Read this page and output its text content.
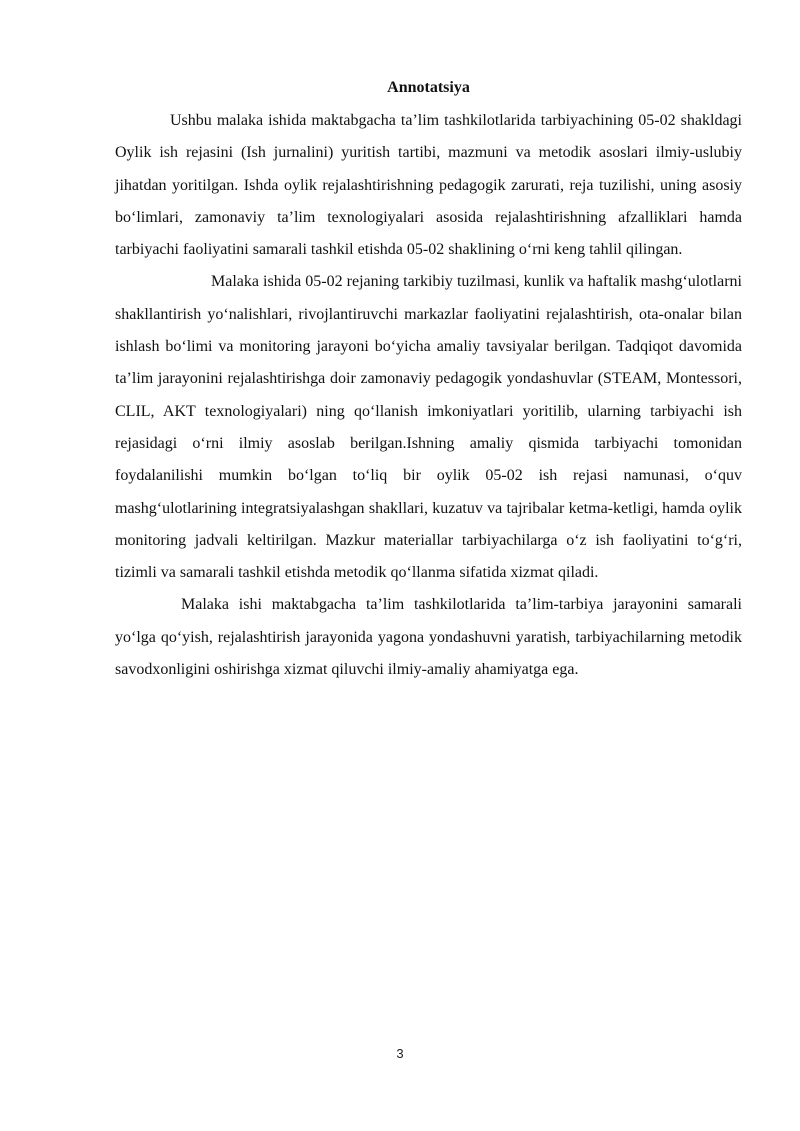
Annotatsiya

Ushbu malaka ishida maktabgacha ta’lim tashkilotlarida tarbiyachining 05-02 shakldagi Oylik ish rejasini (Ish jurnalini) yuritish tartibi, mazmuni va metodik asoslari ilmiy-uslubiy jihatdan yoritilgan. Ishda oylik rejalashtirishning pedagogik zarurati, reja tuzilishi, uning asosiy boʻlimlari, zamonaviy ta’lim texnologiyalari asosida rejalashtirishning afzalliklari hamda tarbiyachi faoliyatini samarali tashkil etishda 05-02 shaklining oʻrni keng tahlil qilingan.

Malaka ishida 05-02 rejaning tarkibiy tuzilmasi, kunlik va haftalik mashgʻulotlarni shakllantirish yoʻnalishlari, rivojlantiruvchi markazlar faoliyatini rejalashtirish, ota-onalar bilan ishlash boʻlimi va monitoring jarayoni boʻyicha amaliy tavsiyalar berilgan. Tadqiqot davomida ta’lim jarayonini rejalashtirishga doir zamonaviy pedagogik yondashuvlar (STEAM, Montessori, CLIL, AKT texnologiyalari) ning qoʻllanish imkoniyatlari yoritilib, ularning tarbiyachi ish rejasidagi oʻrni ilmiy asoslab berilgan.Ishning amaliy qismida tarbiyachi tomonidan foydalanilishi mumkin boʻlgan toʻliq bir oylik 05-02 ish rejasi namunasi, oʻquv mashgʻulotlarining integratsiyalashgan shakllari, kuzatuv va tajribalar ketma-ketligi, hamda oylik monitoring jadvali keltirilgan. Mazkur materiallar tarbiyachilarga oʻz ish faoliyatini toʻgʻri, tizimli va samarali tashkil etishda metodik qoʻllanma sifatida xizmat qiladi.

Malaka ishi maktabgacha ta’lim tashkilotlarida ta’lim-tarbiya jarayonini samarali yoʻlga qoʻyish, rejalashtirish jarayonida yagona yondashuvni yaratish, tarbiyachilarning metodik savodxonligini oshirishga xizmat qiluvchi ilmiy-amaliy ahamiyatga ega.

3
